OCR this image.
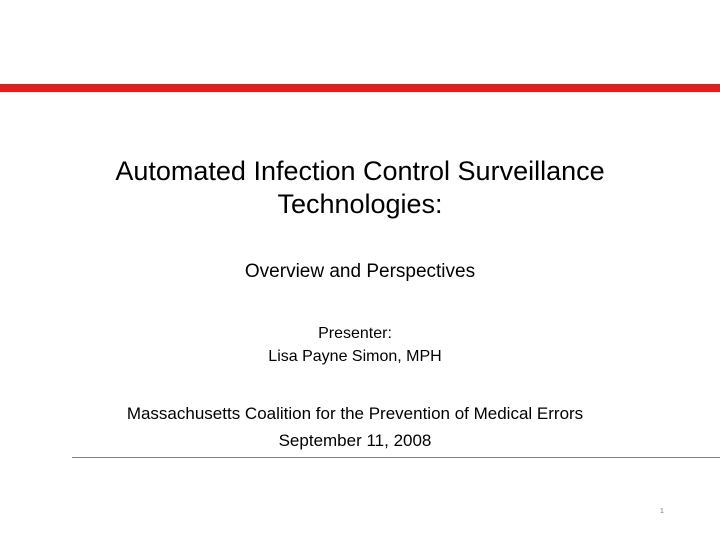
Automated Infection Control Surveillance
Technologies:
Overview and Perspectives
Presenter:
Lisa Payne Simon, MPH
Massachusetts Coalition for the Prevention of Medical Errors
September 11, 2008
1
